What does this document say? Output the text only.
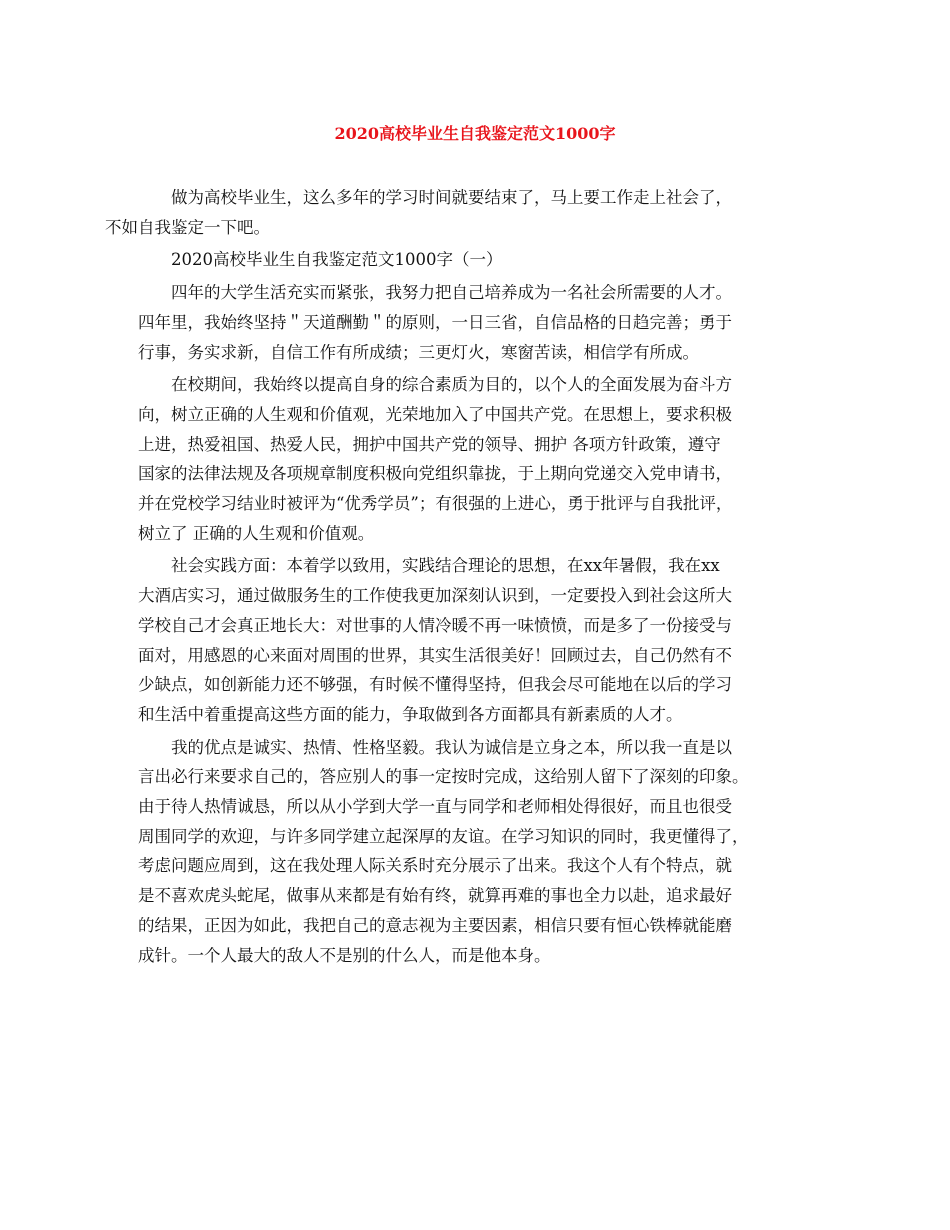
2020高校毕业生自我鉴定范文1000字

做为高校毕业生，这么多年的学习时间就要结束了，马上要工作走上社会了，
不如自我鉴定一下吧。

2020高校毕业生自我鉴定范文1000字（一）

四年的大学生活充实而紧张，我努力把自己培养成为一名社会所需要的人才。
四年里，我始终坚持＂天道酬勤＂的原则，一日三省，自信品格的日趋完善；勇于
行事，务实求新，自信工作有所成绩；三更灯火，寒窗苦读，相信学有所成。

在校期间，我始终以提高自身的综合素质为目的，以个人的全面发展为奋斗方
向，树立正确的人生观和价值观，光荣地加入了中国共产党。在思想上，要求积极
上进，热爱祖国、热爱人民，拥护中国共产党的领导、拥护 各项方针政策，遵守
国家的法律法规及各项规章制度积极向党组织靠拢，于上期向党递交入党申请书，
并在党校学习结业时被评为“优秀学员”；有很强的上进心，勇于批评与自我批评，
树立了 正确的人生观和价值观。

社会实践方面：本着学以致用，实践结合理论的思想，在xx年暑假，我在xx
大酒店实习，通过做服务生的工作使我更加深刻认识到，一定要投入到社会这所大
学校自己才会真正地长大：对世事的人情冷暖不再一味愤愤，而是多了一份接受与
面对，用感恩的心来面对周围的世界，其实生活很美好！回顾过去，自己仍然有不
少缺点，如创新能力还不够强，有时候不懂得坚持，但我会尽可能地在以后的学习
和生活中着重提高这些方面的能力，争取做到各方面都具有新素质的人才。

我的优点是诚实、热情、性格坚毅。我认为诚信是立身之本，所以我一直是以
言出必行来要求自己的，答应别人的事一定按时完成，这给别人留下了深刻的印象。
由于待人热情诚恳，所以从小学到大学一直与同学和老师相处得很好，而且也很受
周围同学的欢迎，与许多同学建立起深厚的友谊。在学习知识的同时，我更懂得了，
考虑问题应周到，这在我处理人际关系时充分展示了出来。我这个人有个特点，就
是不喜欢虎头蛇尾，做事从来都是有始有终，就算再难的事也全力以赴，追求最好
的结果，正因为如此，我把自己的意志视为主要因素，相信只要有恒心铁棒就能磨
成针。一个人最大的敌人不是别的什么人，而是他本身。
